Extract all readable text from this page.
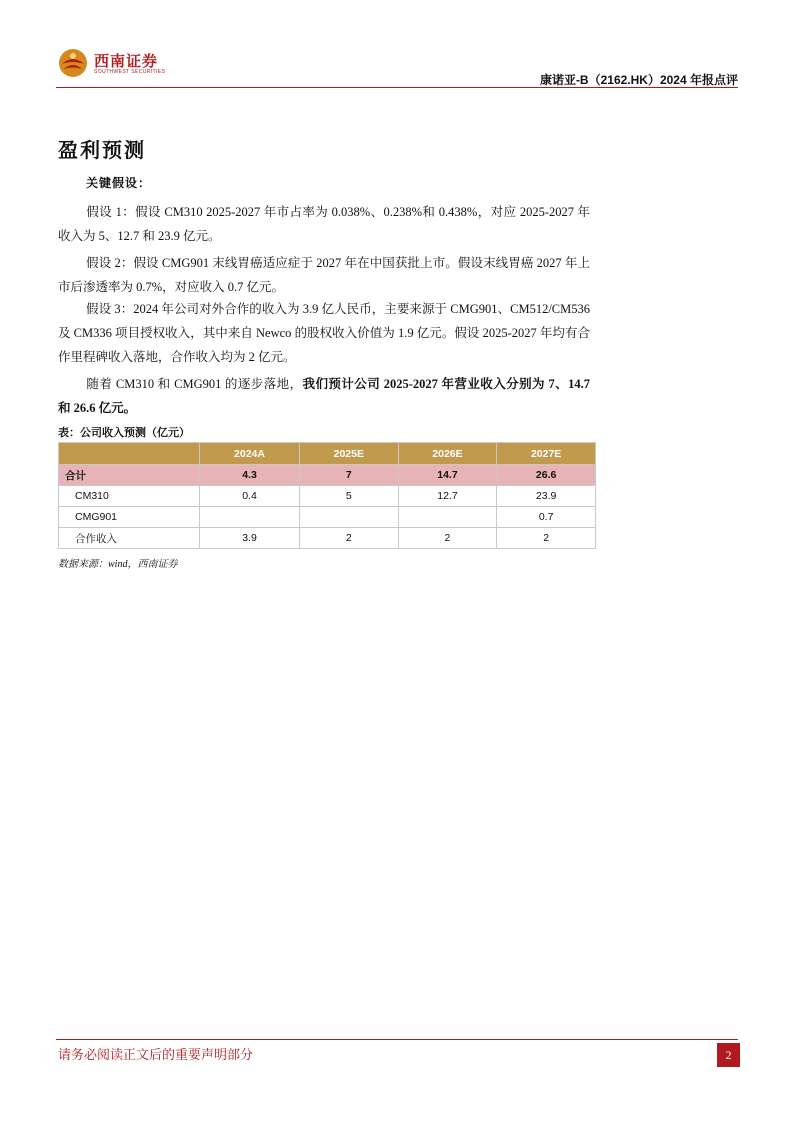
西南证券
SOUTHWEST SECURITIES
康诺亚-B（2162.HK）2024 年报点评
盈利预测
关键假设：
假设 1：假设 CM310 2025-2027 年市占率为 0.038%、0.238%和 0.438%，对应 2025-2027 年收入为 5、12.7 和 23.9 亿元。
假设 2：假设 CMG901 末线胃癌适应症于 2027 年在中国获批上市。假设末线胃癌 2027 年上市后渗透率为 0.7%，对应收入 0.7 亿元。
假设 3：2024 年公司对外合作的收入为 3.9 亿人民币，主要来源于 CMG901、CM512/CM536 及 CM336 项目授权收入，其中来自 Newco 的股权收入价值为 1.9 亿元。假设 2025-2027 年均有合作里程碑收入落地，合作收入均为 2 亿元。
随着 CM310 和 CMG901 的逐步落地，我们预计公司 2025-2027 年营业收入分别为 7、14.7 和 26.6 亿元。
表：公司收入预测（亿元）
	2024A	2025E	2026E	2027E
合计	4.3	7	14.7	26.6
CM310	0.4	5	12.7	23.9
CMG901				0.7
合作收入	3.9	2	2	2
数据来源：wind，西南证券
请务必阅读正文后的重要声明部分	2
